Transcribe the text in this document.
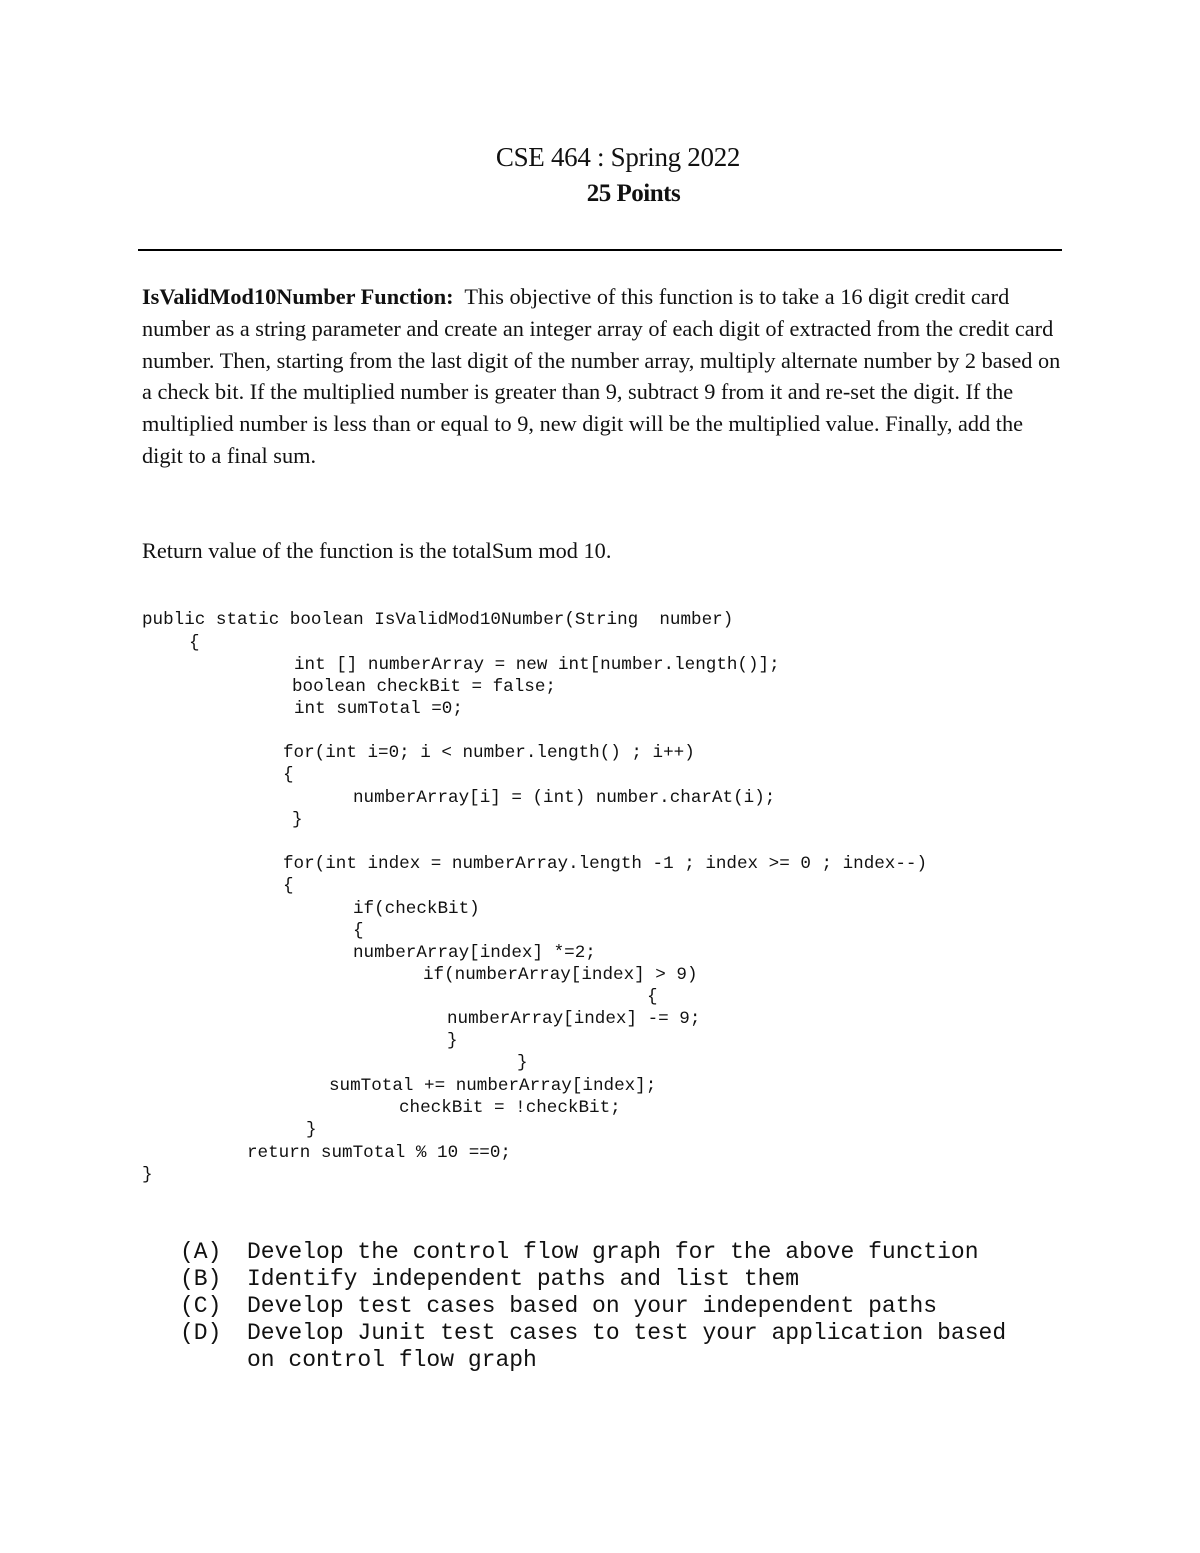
CSE 464 : Spring 2022
25 Points

IsValidMod10Number Function: This objective of this function is to take a 16 digit credit card number as a string parameter and create an integer array of each digit of extracted from the credit card number. Then, starting from the last digit of the number array, multiply alternate number by 2 based on a check bit. If the multiplied number is greater than 9, subtract 9 from it and re-set the digit. If the multiplied number is less than or equal to 9, new digit will be the multiplied value. Finally, add the digit to a final sum.

Return value of the function is the totalSum mod 10.

public static boolean IsValidMod10Number(String  number)
{
int [] numberArray = new int[number.length()];
boolean checkBit = false;
int sumTotal =0;
for(int i=0; i < number.length() ; i++)
{
numberArray[i] = (int) number.charAt(i);
}
for(int index = numberArray.length -1 ; index >= 0 ; index--)
{
if(checkBit)
{
numberArray[index] *=2;
if(numberArray[index] > 9)
{
numberArray[index] -= 9;
}
}
sumTotal += numberArray[index];
checkBit = !checkBit;
}
return sumTotal % 10 ==0;
}
(A) Develop the control flow graph for the above function
(B) Identify independent paths and list them
(C) Develop test cases based on your independent paths
(D) Develop Junit test cases to test your application based
on control flow graph
